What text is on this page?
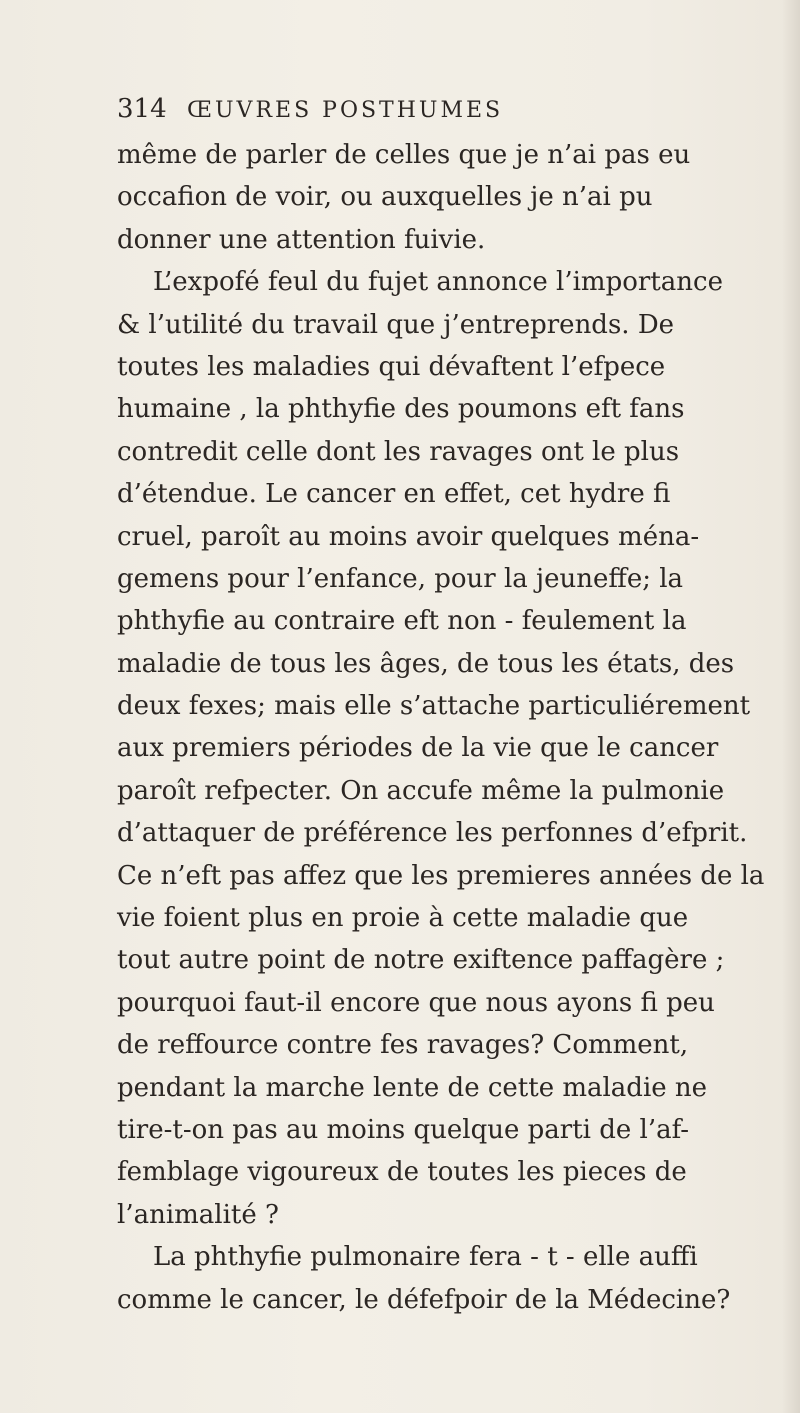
314 ŒUVRES POSTHUMES
même de parler de celles que je n’ai pas eu
occafion de voir, ou auxquelles je n’ai pu
donner une attention fuivie.
L’expofé feul du fujet annonce l’importance
& l’utilité du travail que j’entreprends. De
toutes les maladies qui dévaftent l’efpece
humaine , la phthyfie des poumons eft fans
contredit celle dont les ravages ont le plus
d’étendue. Le cancer en effet, cet hydre fi
cruel, paroît au moins avoir quelques ména-
gemens pour l’enfance, pour la jeuneffe; la
phthyfie au contraire eft non - feulement la
maladie de tous les âges, de tous les états, des
deux fexes; mais elle s’attache particuliérement
aux premiers périodes de la vie que le cancer
paroît refpecter. On accufe même la pulmonie
d’attaquer de préférence les perfonnes d’efprit.
Ce n’eft pas affez que les premieres années de la
vie foient plus en proie à cette maladie que
tout autre point de notre exiftence paffagère ;
pourquoi faut-il encore que nous ayons fi peu
de reffource contre fes ravages? Comment,
pendant la marche lente de cette maladie ne
tire-t-on pas au moins quelque parti de l’af-
femblage vigoureux de toutes les pieces de
l’animalité ?
La phthyfie pulmonaire fera - t - elle auffi
comme le cancer, le défefpoir de la Médecine?
